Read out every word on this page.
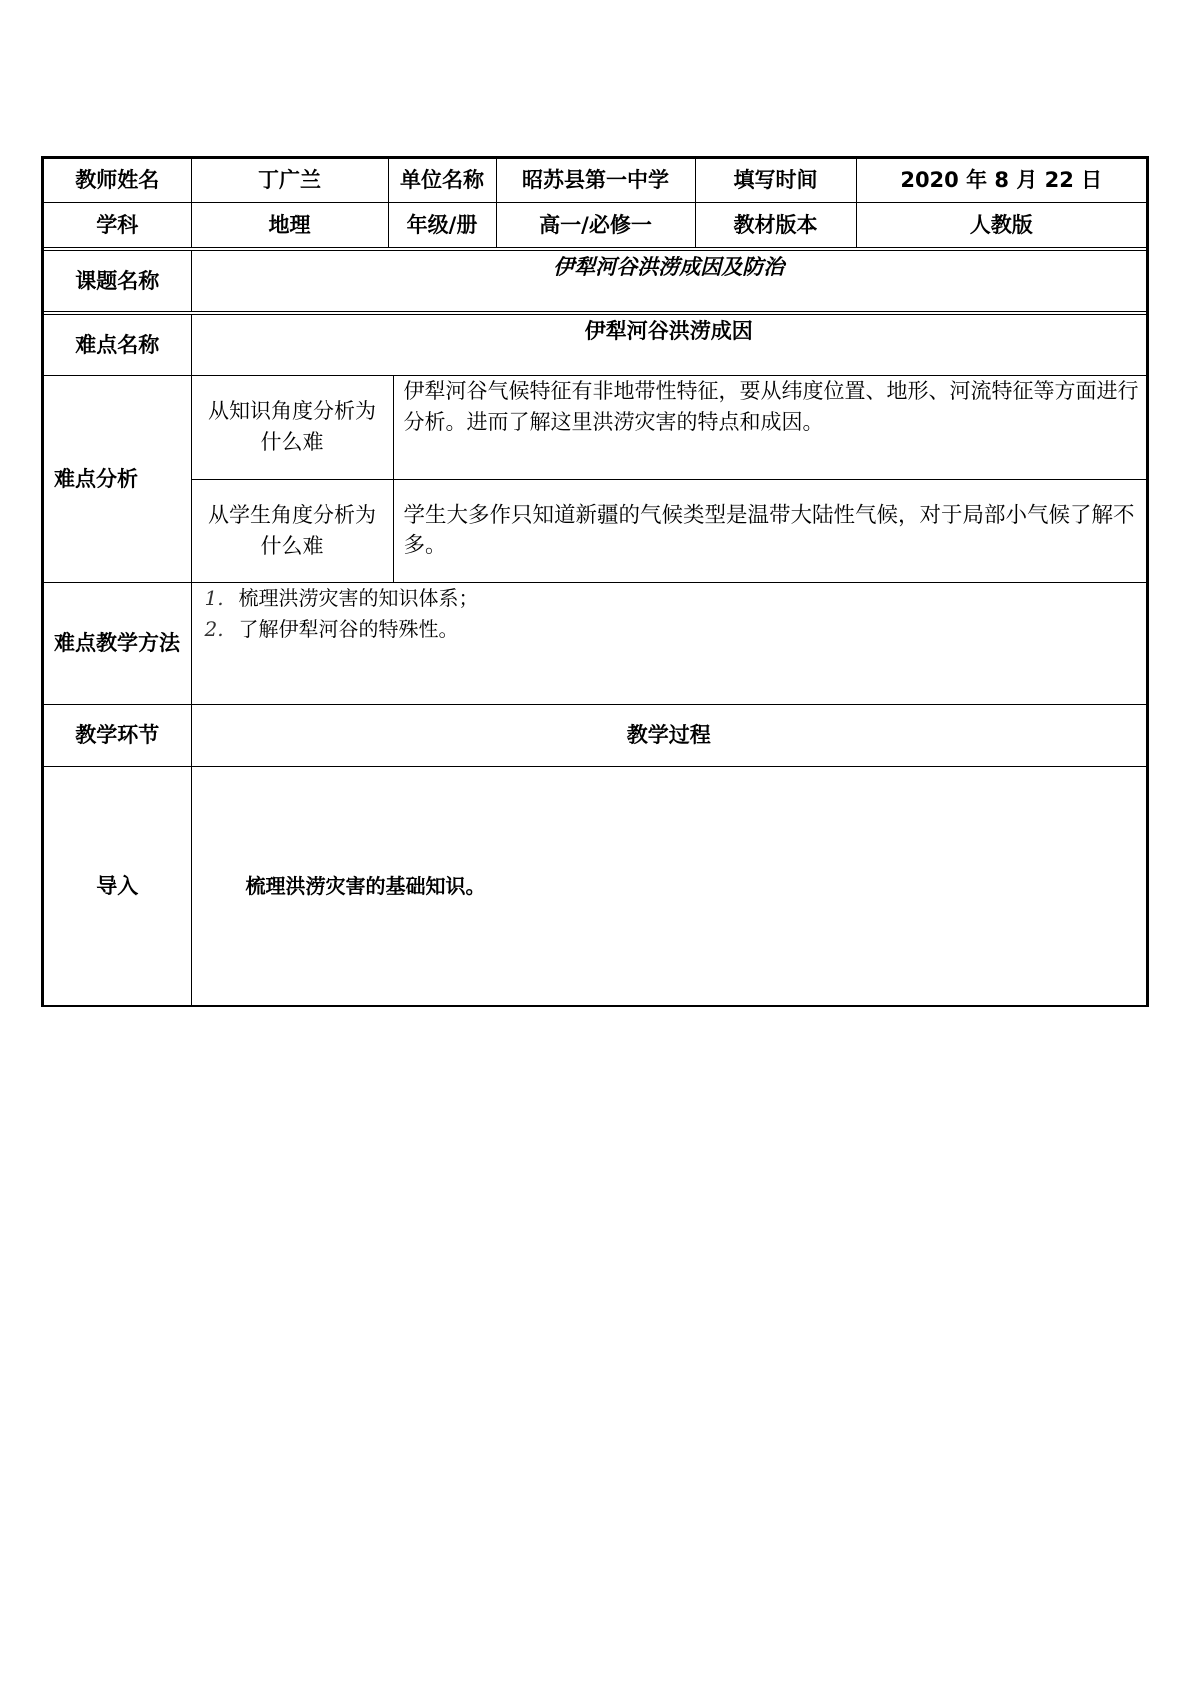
教师姓名	丁广兰	单位名称	昭苏县第一中学	填写时间	2020 年 8 月 22 日
学科	地理	年级/册	高一/必修一	教材版本	人教版
课题名称	伊犁河谷洪涝成因及防治	
难点名称	伊犁河谷洪涝成因	
难点分析	从知识角度分析为什么难	伊犁河谷气候特征有非地带性特征，要从纬度位置、地形、河流特征等方面进行分析。进而了解这里洪涝灾害的特点和成因。

	从学生角度分析为什么难	学生大多作只知道新疆的气候类型是温带大陆性气候，对于局部小气候了解不多。

难点教学方法	1. 梳理洪涝灾害的知识体系；
2. 了解伊犁河谷的特殊性。	

教学环节	教学过程	
导入	梳理洪涝灾害的基础知识。	
